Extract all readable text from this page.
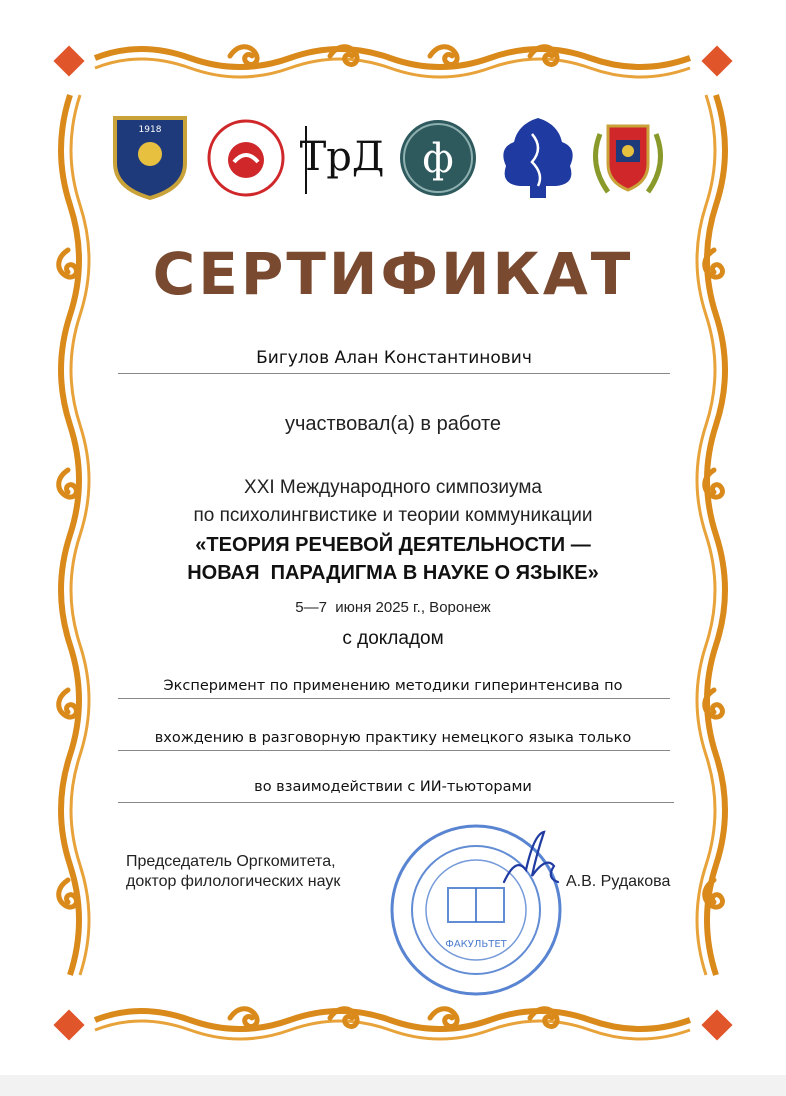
1918
ТрД ф
СЕРТИФИКАТ
Бигулов Алан Константинович
участвовал(а) в работе
XXI Международного симпозиума
по психолингвистике и теории коммуникации
«ТЕОРИЯ РЕЧЕВОЙ ДЕЯТЕЛЬНОСТИ —
НОВАЯ  ПАРАДИГМА В НАУКЕ О ЯЗЫКЕ»
5—7  июня 2025 г., Воронеж
с докладом
Эксперимент по применению методики гиперинтенсива по
вхождению в разговорную практику немецкого языка только
во взаимодействии с ИИ-тьюторами
Председатель Оргкомитета,
доктор филологических наук
ФАКУЛЬТЕТ
А.В. Рудакова
